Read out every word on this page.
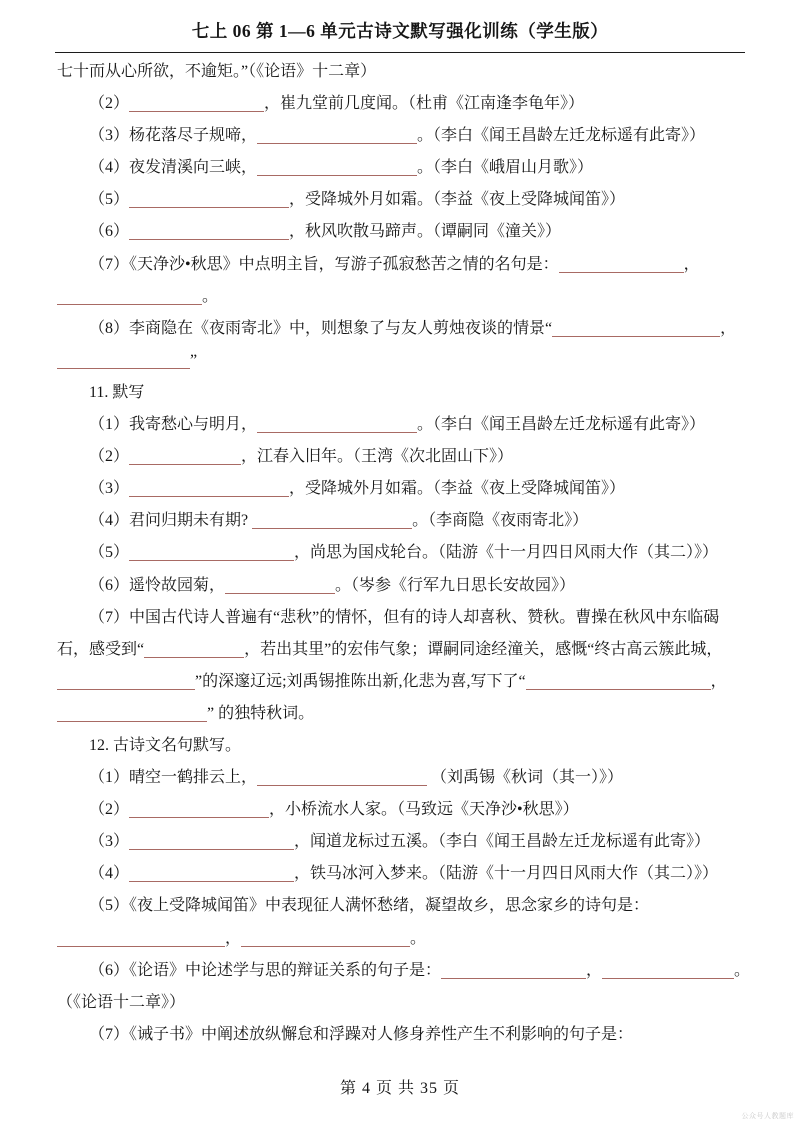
七上 06 第 1—6 单元古诗文默写强化训练（学生版）
七十而从心所欲，不逾矩。”（《论语》十二章）
（2）	，崔九堂前几度闻。（杜甫《江南逢李龟年》）
（3）杨花落尽子规啼，	。（李白《闻王昌龄左迁龙标遥有此寄》）
（4）夜发清溪向三峡，	。（李白《峨眉山月歌》）
（5）	，受降城外月如霜。（李益《夜上受降城闻笛》）
（6）	，秋风吹散马蹄声。（谭嗣同《潼关》）
（7）《天净沙•秋思》中点明主旨，写游子孤寂愁苦之情的名句是：	，
。
（8）李商隐在《夜雨寄北》中，则想象了与友人剪烛夜谈的情景“	，
”
11. 默写
（1）我寄愁心与明月，	。（李白《闻王昌龄左迁龙标遥有此寄》）
（2）	，江春入旧年。（王湾《次北固山下》）
（3）	，受降城外月如霜。（李益《夜上受降城闻笛》）
（4）君问归期未有期?	。（李商隐《夜雨寄北》）
（5）	，尚思为国戍轮台。（陆游《十一月四日风雨大作（其二）》）
（6）遥怜故园菊，	。（岑参《行军九日思长安故园》）
（7）中国古代诗人普遍有“悲秋”的情怀，但有的诗人却喜秋、赞秋。曹操在秋风中东临碣
石，感受到“	，若出其里”的宏伟气象；谭嗣同途经潼关，感慨“终古高云簇此城，
”的深邃辽远;刘禹锡推陈出新,化悲为喜,写下了“	，
” 的独特秋词。
12. 古诗文名句默写。
（1）晴空一鹤排云上，	（刘禹锡《秋词（其一）》）
（2）	，小桥流水人家。（马致远《天净沙•秋思》）
（3）	，闻道龙标过五溪。（李白《闻王昌龄左迁龙标遥有此寄》）
（4）	，铁马冰河入梦来。（陆游《十一月四日风雨大作（其二）》）
（5）《夜上受降城闻笛》中表现征人满怀愁绪，凝望故乡，思念家乡的诗句是：
，	。
（6）《论语》中论述学与思的辩证关系的句子是：	，	。
（《论语十二章》）
（7）《诫子书》中阐述放纵懈怠和浮躁对人修身养性产生不利影响的句子是：
第 4 页 共 35 页
公众号人教题库
